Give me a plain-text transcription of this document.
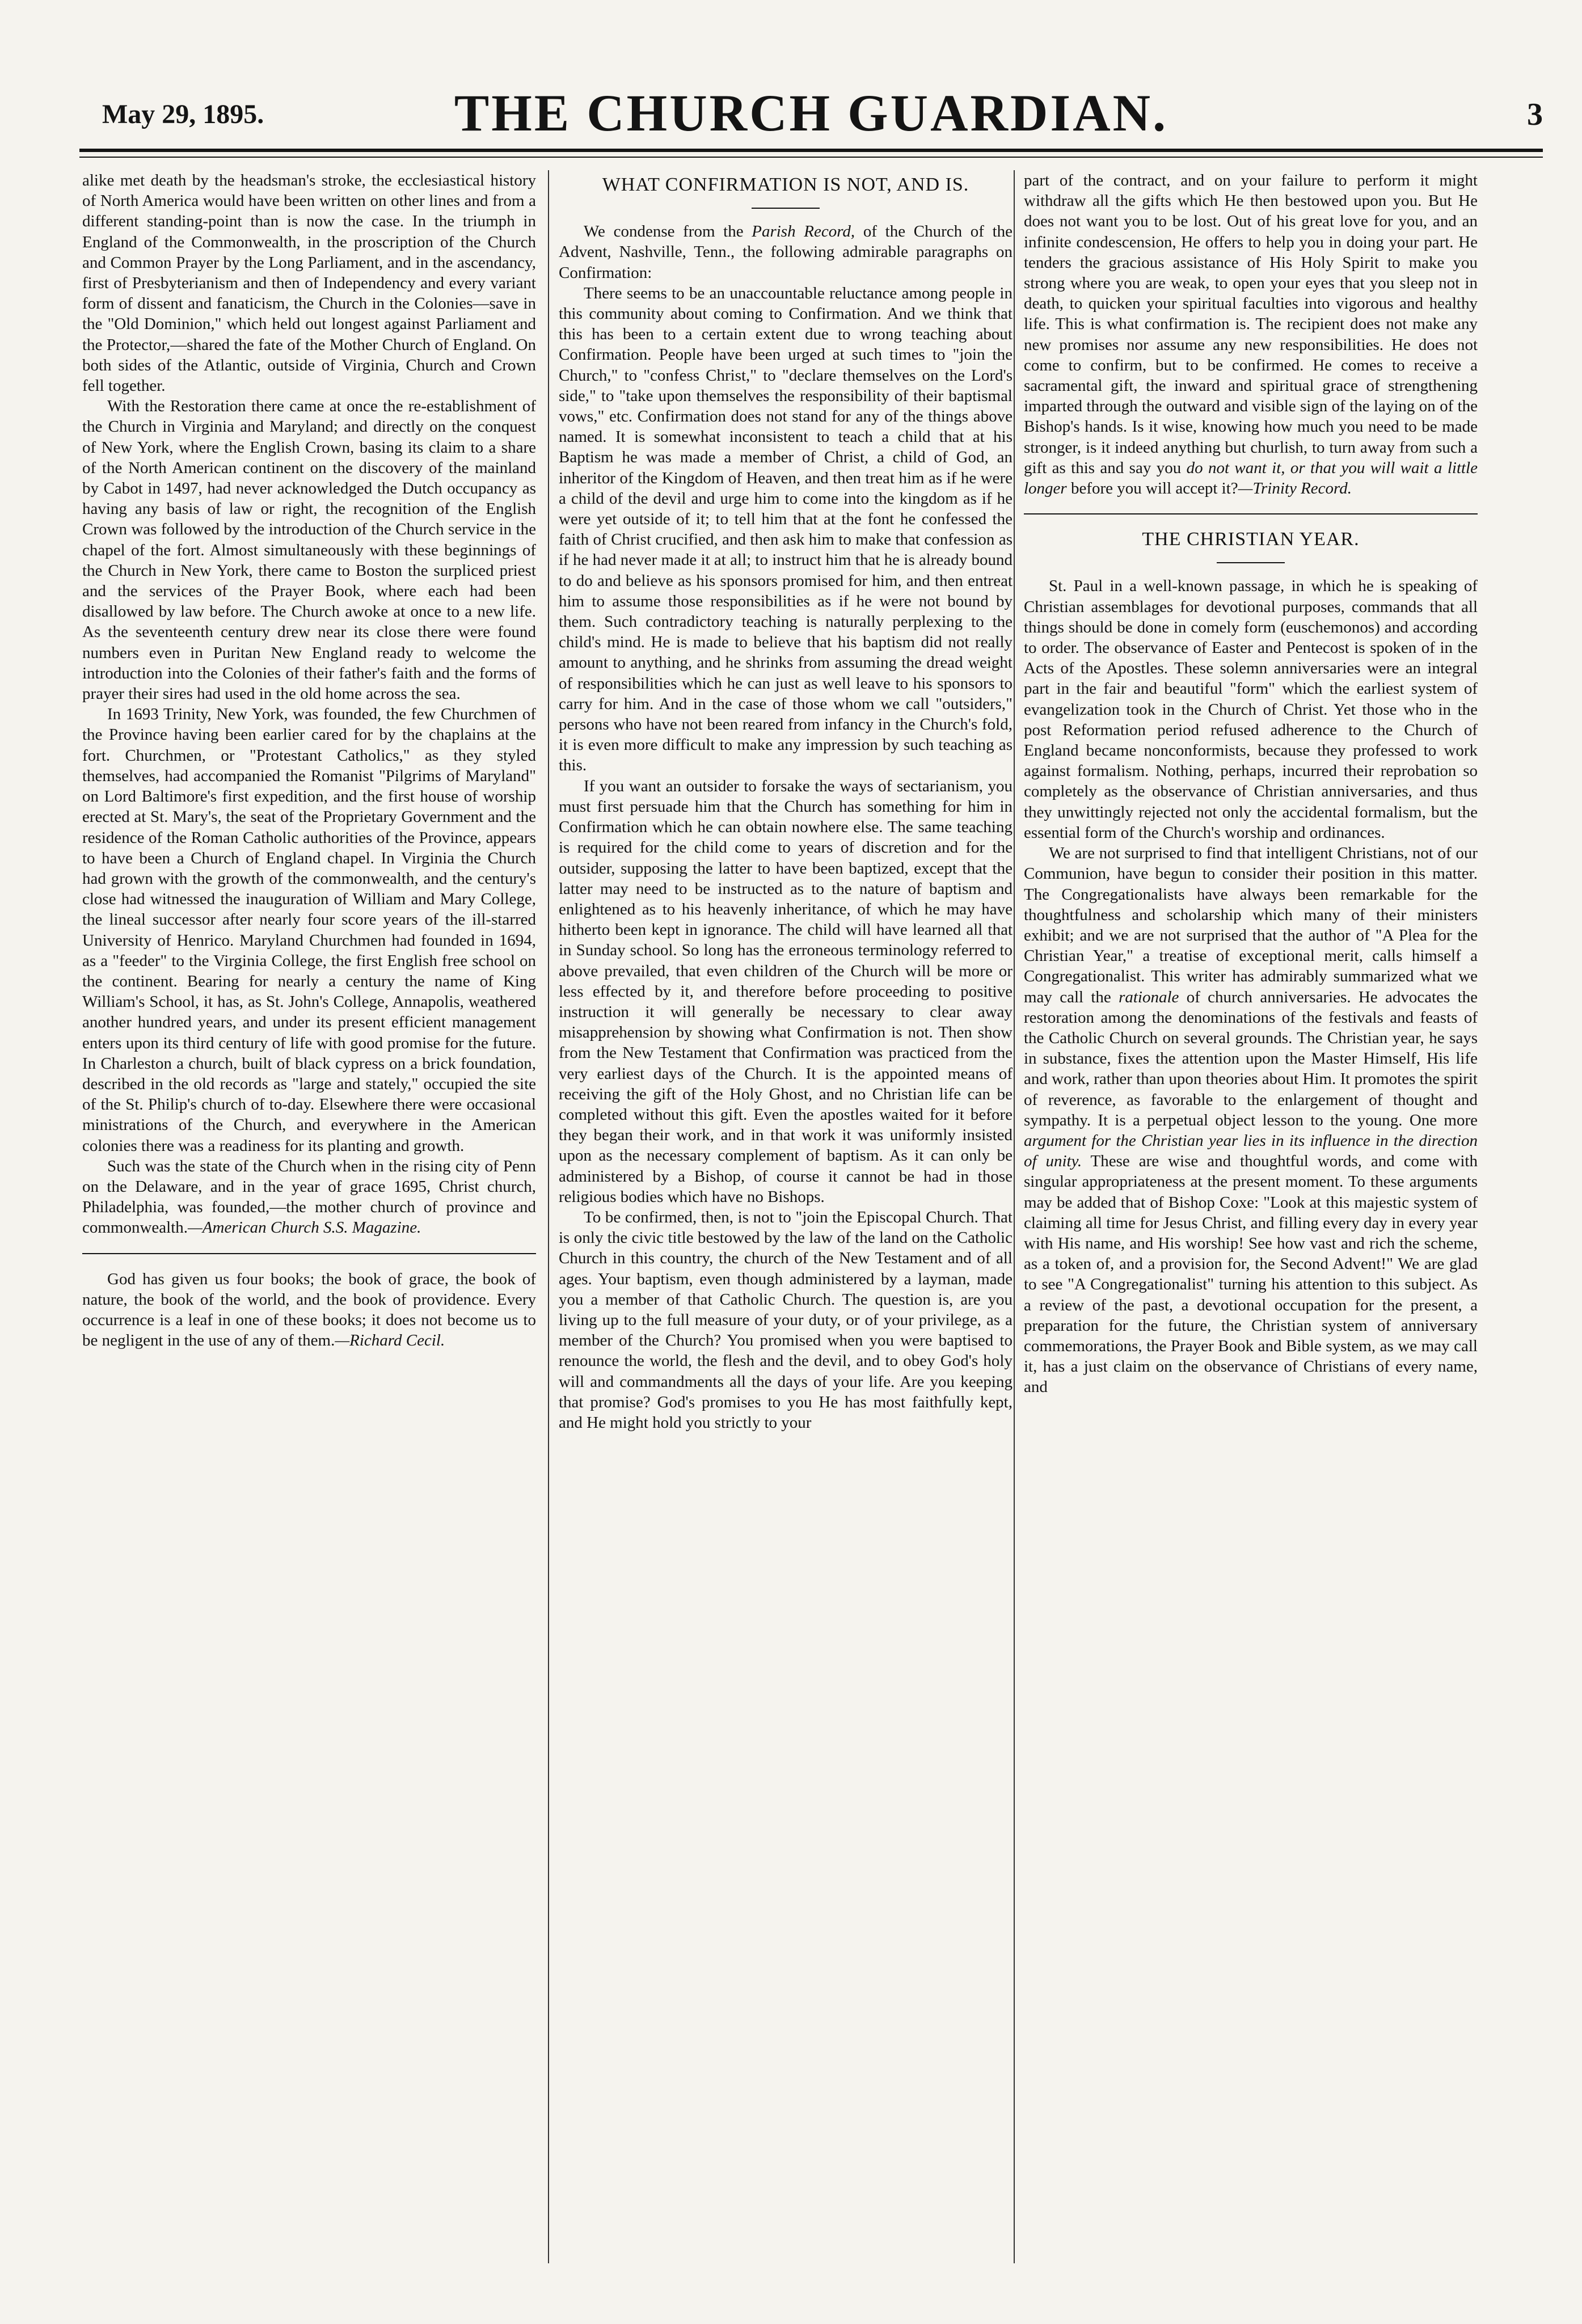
May 29, 1895.	THE CHURCH GUARDIAN.	3

alike met death by the headsman's stroke, the ecclesiastical history of North America would have been written on other lines and from a different standing-point than is now the case. In the triumph in England of the Commonwealth, in the proscription of the Church and Common Prayer by the Long Parliament, and in the ascendancy, first of Presbyterianism and then of Independency and every variant form of dissent and fanaticism, the Church in the Colonies—save in the "Old Dominion," which held out longest against Parliament and the Protector,—shared the fate of the Mother Church of England. On both sides of the Atlantic, outside of Virginia, Church and Crown fell together.

With the Restoration there came at once the re-establishment of the Church in Virginia and Maryland; and directly on the conquest of New York, where the English Crown, basing its claim to a share of the North American continent on the discovery of the mainland by Cabot in 1497, had never acknowledged the Dutch occupancy as having any basis of law or right, the recognition of the English Crown was followed by the introduction of the Church service in the chapel of the fort. Almost simultaneously with these beginnings of the Church in New York, there came to Boston the surpliced priest and the services of the Prayer Book, where each had been disallowed by law before. The Church awoke at once to a new life. As the seventeenth century drew near its close there were found numbers even in Puritan New England ready to welcome the introduction into the Colonies of their father's faith and the forms of prayer their sires had used in the old home across the sea.

In 1693 Trinity, New York, was founded, the few Churchmen of the Province having been earlier cared for by the chaplains at the fort. Churchmen, or "Protestant Catholics," as they styled themselves, had accompanied the Romanist "Pilgrims of Maryland" on Lord Baltimore's first expedition, and the first house of worship erected at St. Mary's, the seat of the Proprietary Government and the residence of the Roman Catholic authorities of the Province, appears to have been a Church of England chapel. In Virginia the Church had grown with the growth of the commonwealth, and the century's close had witnessed the inauguration of William and Mary College, the lineal successor after nearly four score years of the ill-starred University of Henrico. Maryland Churchmen had founded in 1694, as a "feeder" to the Virginia College, the first English free school on the continent. Bearing for nearly a century the name of King William's School, it has, as St. John's College, Annapolis, weathered another hundred years, and under its present efficient management enters upon its third century of life with good promise for the future. In Charleston a church, built of black cypress on a brick foundation, described in the old records as "large and stately," occupied the site of the St. Philip's church of to-day. Elsewhere there were occasional ministrations of the Church, and everywhere in the American colonies there was a readiness for its planting and growth.

Such was the state of the Church when in the rising city of Penn on the Delaware, and in the year of grace 1695, Christ church, Philadelphia, was founded,—the mother church of province and commonwealth.—American Church S.S. Magazine.

God has given us four books; the book of grace, the book of nature, the book of the world, and the book of providence. Every occurrence is a leaf in one of these books; it does not become us to be negligent in the use of any of them.—Richard Cecil.

WHAT CONFIRMATION IS NOT, AND IS.

We condense from the Parish Record, of the Church of the Advent, Nashville, Tenn., the following admirable paragraphs on Confirmation:

There seems to be an unaccountable reluctance among people in this community about coming to Confirmation. And we think that this has been to a certain extent due to wrong teaching about Confirmation. People have been urged at such times to "join the Church," to "confess Christ," to "declare themselves on the Lord's side," to "take upon themselves the responsibility of their baptismal vows," etc. Confirmation does not stand for any of the things above named. It is somewhat inconsistent to teach a child that at his Baptism he was made a member of Christ, a child of God, an inheritor of the Kingdom of Heaven, and then treat him as if he were a child of the devil and urge him to come into the kingdom as if he were yet outside of it; to tell him that at the font he confessed the faith of Christ crucified, and then ask him to make that confession as if he had never made it at all; to instruct him that he is already bound to do and believe as his sponsors promised for him, and then entreat him to assume those responsibilities as if he were not bound by them. Such contradictory teaching is naturally perplexing to the child's mind. He is made to believe that his baptism did not really amount to anything, and he shrinks from assuming the dread weight of responsibilities which he can just as well leave to his sponsors to carry for him. And in the case of those whom we call "outsiders," persons who have not been reared from infancy in the Church's fold, it is even more difficult to make any impression by such teaching as this.

If you want an outsider to forsake the ways of sectarianism, you must first persuade him that the Church has something for him in Confirmation which he can obtain nowhere else. The same teaching is required for the child come to years of discretion and for the outsider, supposing the latter to have been baptized, except that the latter may need to be instructed as to the nature of baptism and enlightened as to his heavenly inheritance, of which he may have hitherto been kept in ignorance. The child will have learned all that in Sunday school. So long has the erroneous terminology referred to above prevailed, that even children of the Church will be more or less effected by it, and therefore before proceeding to positive instruction it will generally be necessary to clear away misapprehension by showing what Confirmation is not. Then show from the New Testament that Confirmation was practiced from the very earliest days of the Church. It is the appointed means of receiving the gift of the Holy Ghost, and no Christian life can be completed without this gift. Even the apostles waited for it before they began their work, and in that work it was uniformly insisted upon as the necessary complement of baptism. As it can only be administered by a Bishop, of course it cannot be had in those religious bodies which have no Bishops.

To be confirmed, then, is not to "join the Episcopal Church. That is only the civic title bestowed by the law of the land on the Catholic Church in this country, the church of the New Testament and of all ages. Your baptism, even though administered by a layman, made you a member of that Catholic Church. The question is, are you living up to the full measure of your duty, or of your privilege, as a member of the Church? You promised when you were baptised to renounce the world, the flesh and the devil, and to obey God's holy will and commandments all the days of your life. Are you keeping that promise? God's promises to you He has most faithfully kept, and He might hold you strictly to your

part of the contract, and on your failure to perform it might withdraw all the gifts which He then bestowed upon you. But He does not want you to be lost. Out of his great love for you, and an infinite condescension, He offers to help you in doing your part. He tenders the gracious assistance of His Holy Spirit to make you strong where you are weak, to open your eyes that you sleep not in death, to quicken your spiritual faculties into vigorous and healthy life. This is what confirmation is. The recipient does not make any new promises nor assume any new responsibilities. He does not come to confirm, but to be confirmed. He comes to receive a sacramental gift, the inward and spiritual grace of strengthening imparted through the outward and visible sign of the laying on of the Bishop's hands. Is it wise, knowing how much you need to be made stronger, is it indeed anything but churlish, to turn away from such a gift as this and say you do not want it, or that you will wait a little longer before you will accept it?—Trinity Record.

THE CHRISTIAN YEAR.

St. Paul in a well-known passage, in which he is speaking of Christian assemblages for devotional purposes, commands that all things should be done in comely form (euschemonos) and according to order. The observance of Easter and Pentecost is spoken of in the Acts of the Apostles. These solemn anniversaries were an integral part in the fair and beautiful "form" which the earliest system of evangelization took in the Church of Christ. Yet those who in the post Reformation period refused adherence to the Church of England became nonconformists, because they professed to work against formalism. Nothing, perhaps, incurred their reprobation so completely as the observance of Christian anniversaries, and thus they unwittingly rejected not only the accidental formalism, but the essential form of the Church's worship and ordinances.

We are not surprised to find that intelligent Christians, not of our Communion, have begun to consider their position in this matter. The Congregationalists have always been remarkable for the thoughtfulness and scholarship which many of their ministers exhibit; and we are not surprised that the author of "A Plea for the Christian Year," a treatise of exceptional merit, calls himself a Congregationalist. This writer has admirably summarized what we may call the rationale of church anniversaries. He advocates the restoration among the denominations of the festivals and feasts of the Catholic Church on several grounds. The Christian year, he says in substance, fixes the attention upon the Master Himself, His life and work, rather than upon theories about Him. It promotes the spirit of reverence, as favorable to the enlargement of thought and sympathy. It is a perpetual object lesson to the young. One more argument for the Christian year lies in its influence in the direction of unity. These are wise and thoughtful words, and come with singular appropriateness at the present moment. To these arguments may be added that of Bishop Coxe: "Look at this majestic system of claiming all time for Jesus Christ, and filling every day in every year with His name, and His worship! See how vast and rich the scheme, as a token of, and a provision for, the Second Advent!" We are glad to see "A Congregationalist" turning his attention to this subject. As a review of the past, a devotional occupation for the present, a preparation for the future, the Christian system of anniversary commemorations, the Prayer Book and Bible system, as we may call it, has a just claim on the observance of Christians of every name, and
